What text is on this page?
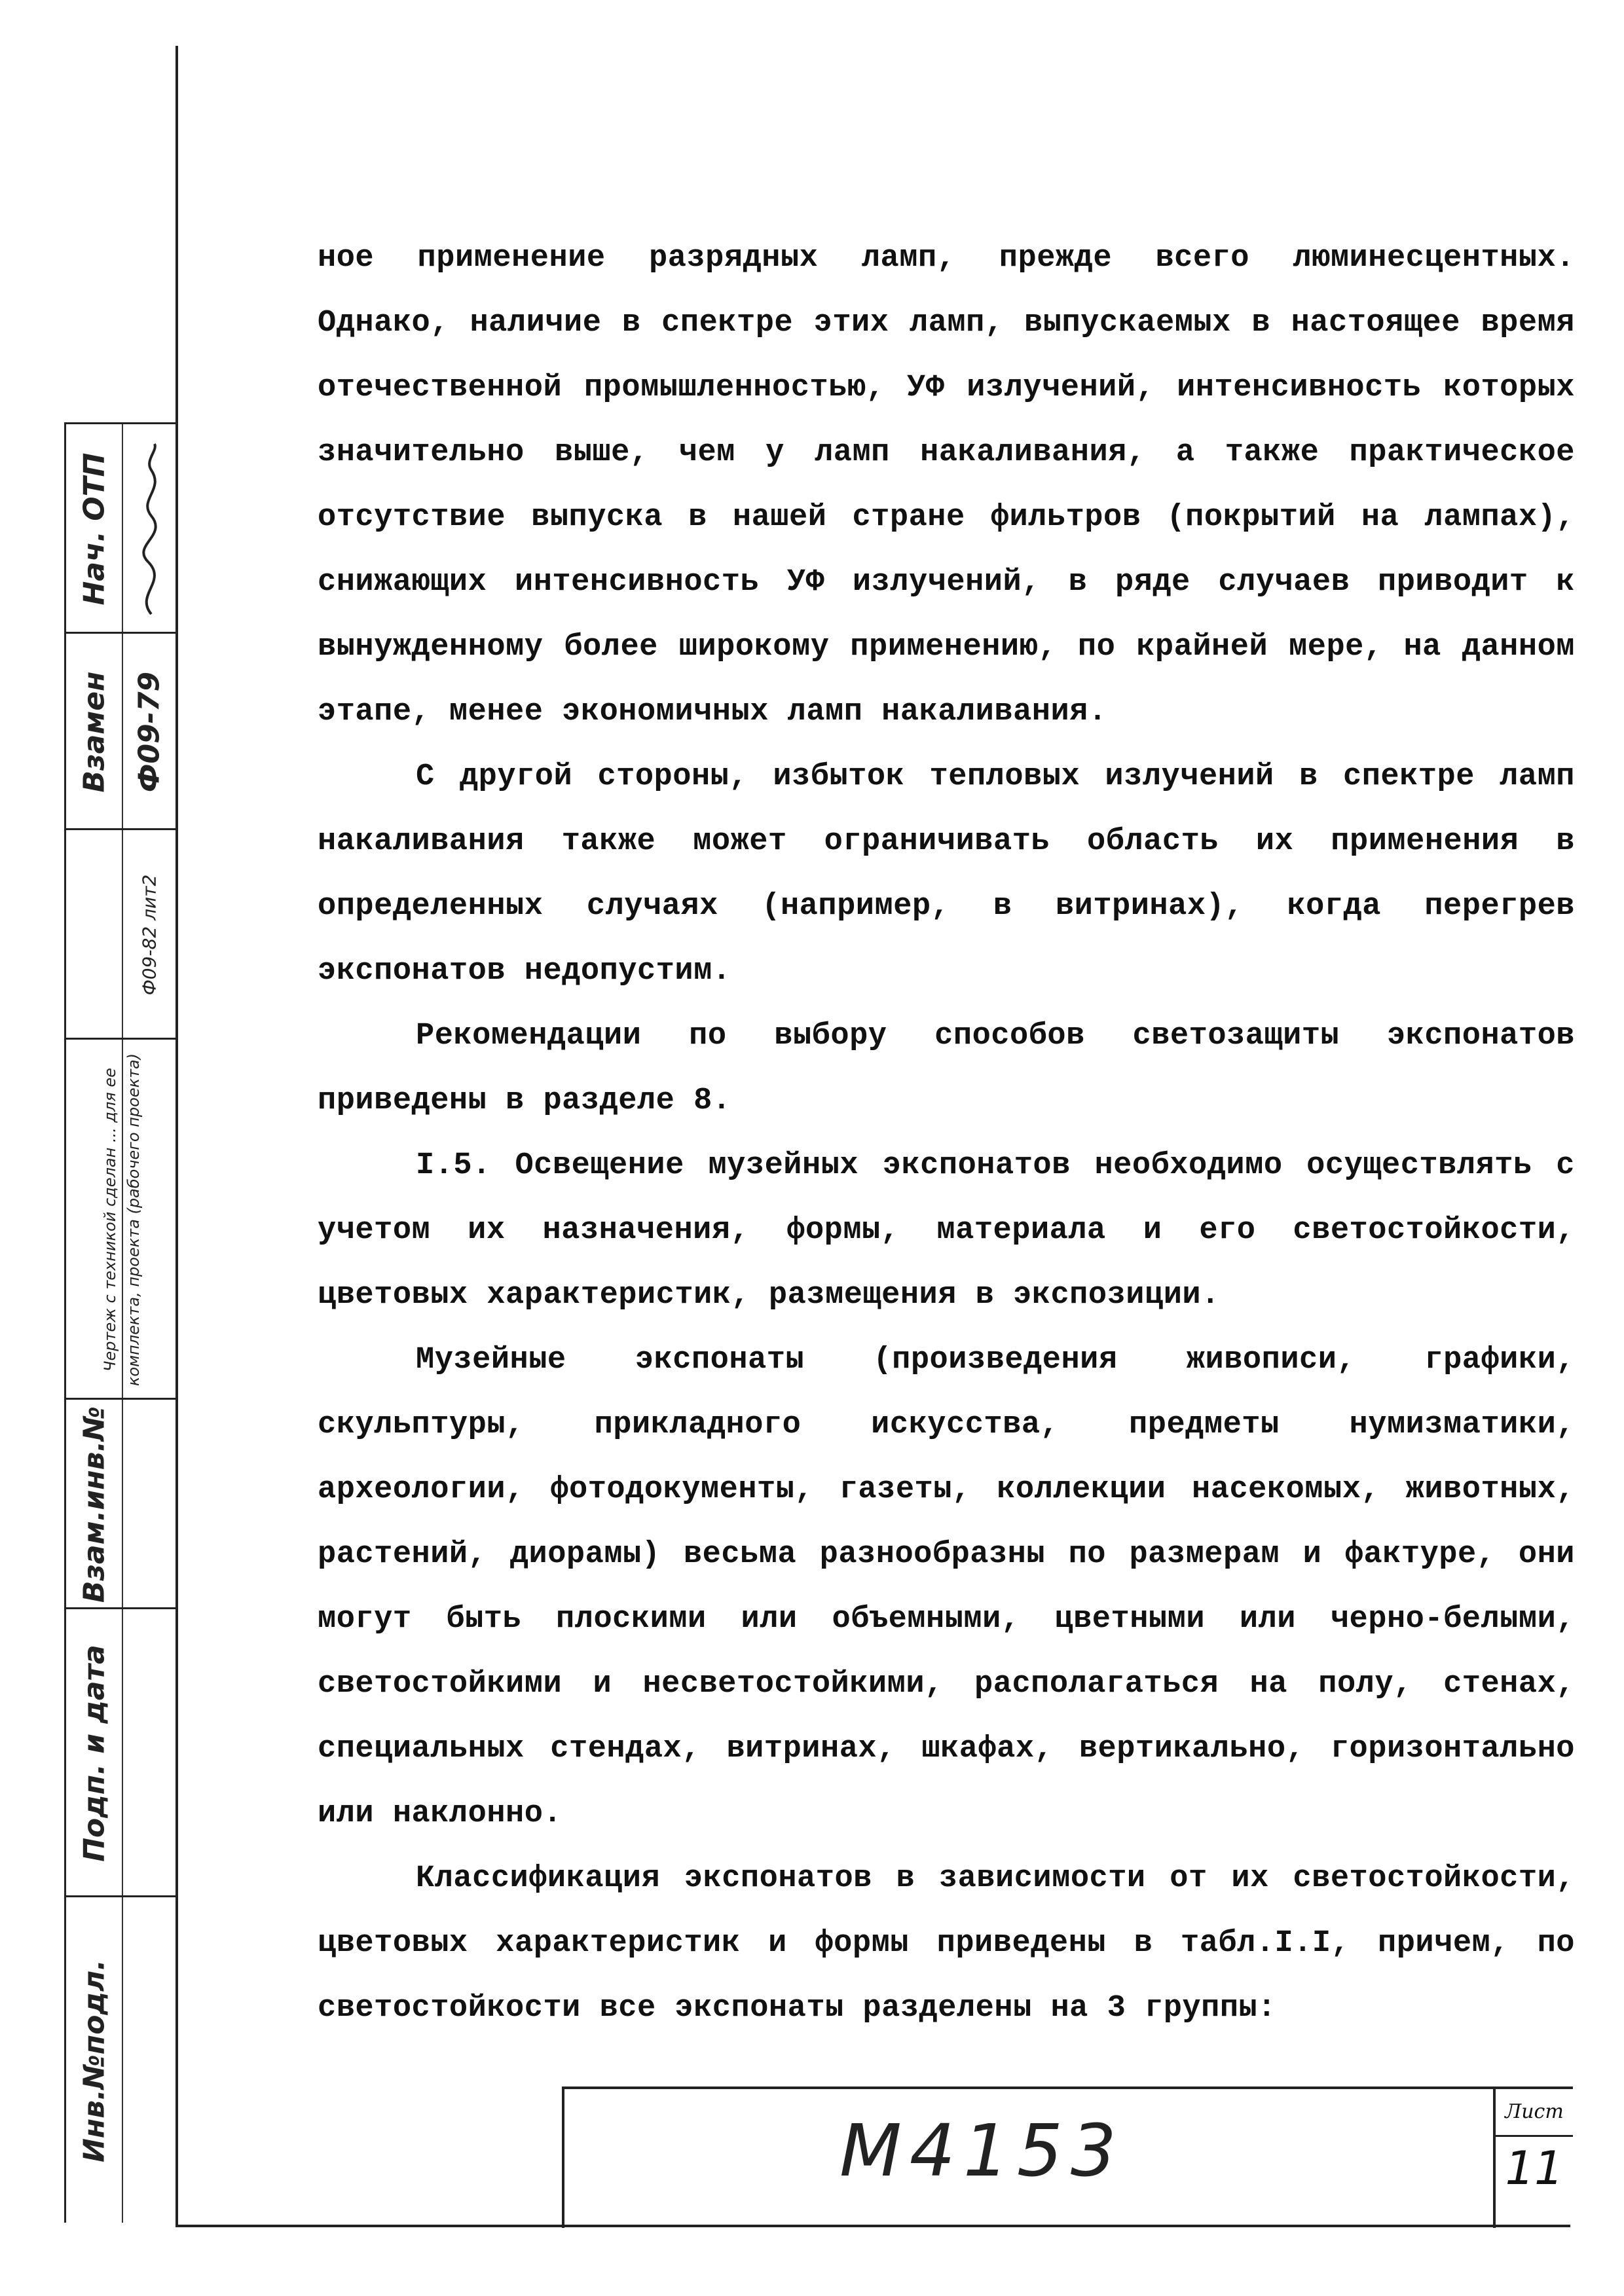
Нач. ОТП
Взамен Ф09-79
Ф09-82 лит2
Чертеж с техникой сделан ... для ее комплекта, проекта (рабочего проекта)
Взам.инв.№
Подп. и дата
Инв.№подл.

ное применение разрядных ламп, прежде всего люминесцентных. Однако, наличие в спектре этих ламп, выпускаемых в настоящее время отечественной промышленностью, УФ излучений, интенсивность которых значительно выше, чем у ламп накаливания, а также практическое отсутствие выпуска в нашей стране фильтров (покрытий на лампах), снижающих интенсивность УФ излучений, в ряде случаев приводит к вынужденному более широкому применению, по крайней мере, на данном этапе, менее экономичных ламп накаливания.

С другой стороны, избыток тепловых излучений в спектре ламп накаливания также может ограничивать область их применения в определенных случаях (например, в витринах), когда перегрев экспонатов недопустим.

Рекомендации по выбору способов светозащиты экспонатов приведены в разделе 8.

I.5. Освещение музейных экспонатов необходимо осуществлять с учетом их назначения, формы, материала и его светостойкости, цветовых характеристик, размещения в экспозиции.

Музейные экспонаты (произведения живописи, графики, скульптуры, прикладного искусства, предметы нумизматики, археологии, фотодокументы, газеты, коллекции насекомых, животных, растений, диорамы) весьма разнообразны по размерам и фактуре, они могут быть плоскими или объемными, цветными или черно-белыми, светостойкими и несветостойкими, располагаться на полу, стенах, специальных стендах, витринах, шкафах, вертикально, горизонтально или наклонно.

Классификация экспонатов в зависимости от их светостойкости, цветовых характеристик и формы приведены в табл.I.I, причем, по светостойкости все экспонаты разделены на 3 группы:

М4153	Лист
11
